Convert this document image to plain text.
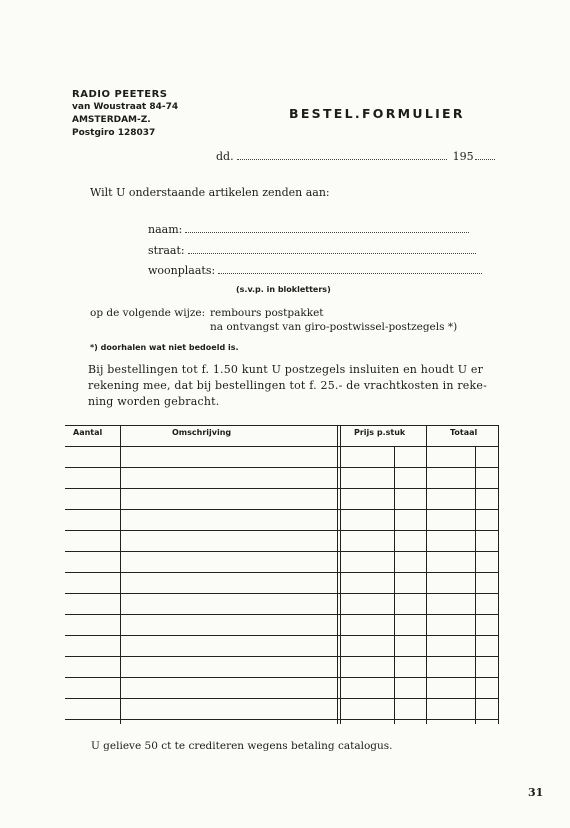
RADIO PEETERS
van Woustraat 84-74
AMSTERDAM-Z.
Postgiro 128037
BESTEL.FORMULIER
dd.	195
Wilt U onderstaande artikelen zenden aan:
naam:
straat:
woonplaats:
(s.v.p. in blokletters)
op de volgende wijze: rembours postpakket
na ontvangst van giro-postwissel-postzegels *)
*) doorhalen wat niet bedoeld is.
Bij bestellingen tot f. 1.50 kunt U postzegels insluiten en houdt U er
rekening mee, dat bij bestellingen tot f. 25.- de vrachtkosten in reke-
ning worden gebracht.
Aantal	Omschrijving	Prijs p.stuk	Totaal
U gelieve 50 ct te crediteren wegens betaling catalogus.
31
